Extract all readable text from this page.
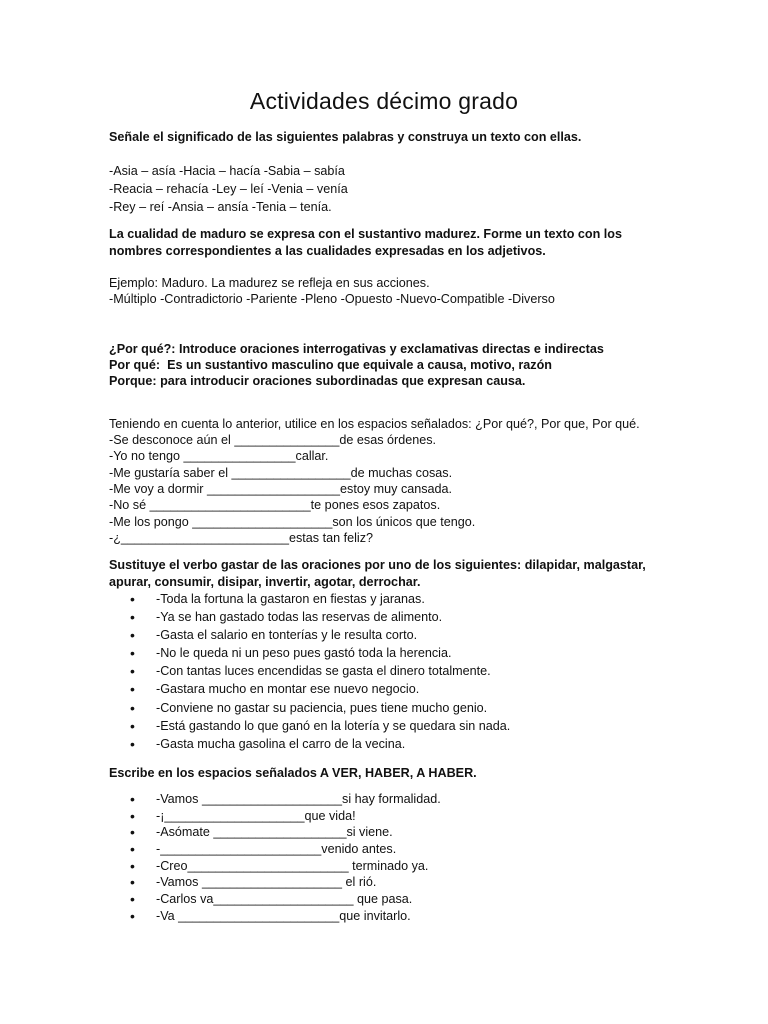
Actividades décimo grado
Señale el significado de las siguientes palabras y construya un texto con ellas.
-Asia – asía -Hacia – hacía -Sabia – sabía
-Reacia – rehacía -Ley – leí -Venia – venía
-Rey – reí -Ansia – ansía -Tenia – tenía.
La cualidad de maduro se expresa con el sustantivo madurez. Forme un texto con los
nombres correspondientes a las cualidades expresadas en los adjetivos.
Ejemplo: Maduro. La madurez se refleja en sus acciones.
-Múltiplo -Contradictorio -Pariente -Pleno -Opuesto -Nuevo-Compatible -Diverso
¿Por qué?: Introduce oraciones interrogativas y exclamativas directas e indirectas
Por qué:  Es un sustantivo masculino que equivale a causa, motivo, razón
Porque: para introducir oraciones subordinadas que expresan causa.
Teniendo en cuenta lo anterior, utilice en los espacios señalados: ¿Por qué?, Por que, Por qué.
-Se desconoce aún el _______________de esas órdenes.
-Yo no tengo ________________callar.
-Me gustaría saber el _________________de muchas cosas.
-Me voy a dormir ___________________estoy muy cansada.
-No sé _______________________te pones esos zapatos.
-Me los pongo ____________________son los únicos que tengo.
-¿________________________estas tan feliz?
Sustituye el verbo gastar de las oraciones por uno de los siguientes: dilapidar, malgastar,
apurar, consumir, disipar, invertir, agotar, derrochar.
• -Toda la fortuna la gastaron en fiestas y jaranas.
• -Ya se han gastado todas las reservas de alimento.
• -Gasta el salario en tonterías y le resulta corto.
• -No le queda ni un peso pues gastó toda la herencia.
• -Con tantas luces encendidas se gasta el dinero totalmente.
• -Gastara mucho en montar ese nuevo negocio.
• -Conviene no gastar su paciencia, pues tiene mucho genio.
• -Está gastando lo que ganó en la lotería y se quedara sin nada.
• -Gasta mucha gasolina el carro de la vecina.
Escribe en los espacios señalados A VER, HABER, A HABER.
• -Vamos ____________________si hay formalidad.
• -¡____________________que vida!
• -Asómate ___________________si viene.
• -_______________________venido antes.
• -Creo_______________________ terminado ya.
• -Vamos ____________________ el rió.
• -Carlos va____________________ que pasa.
• -Va _______________________que invitarlo.
